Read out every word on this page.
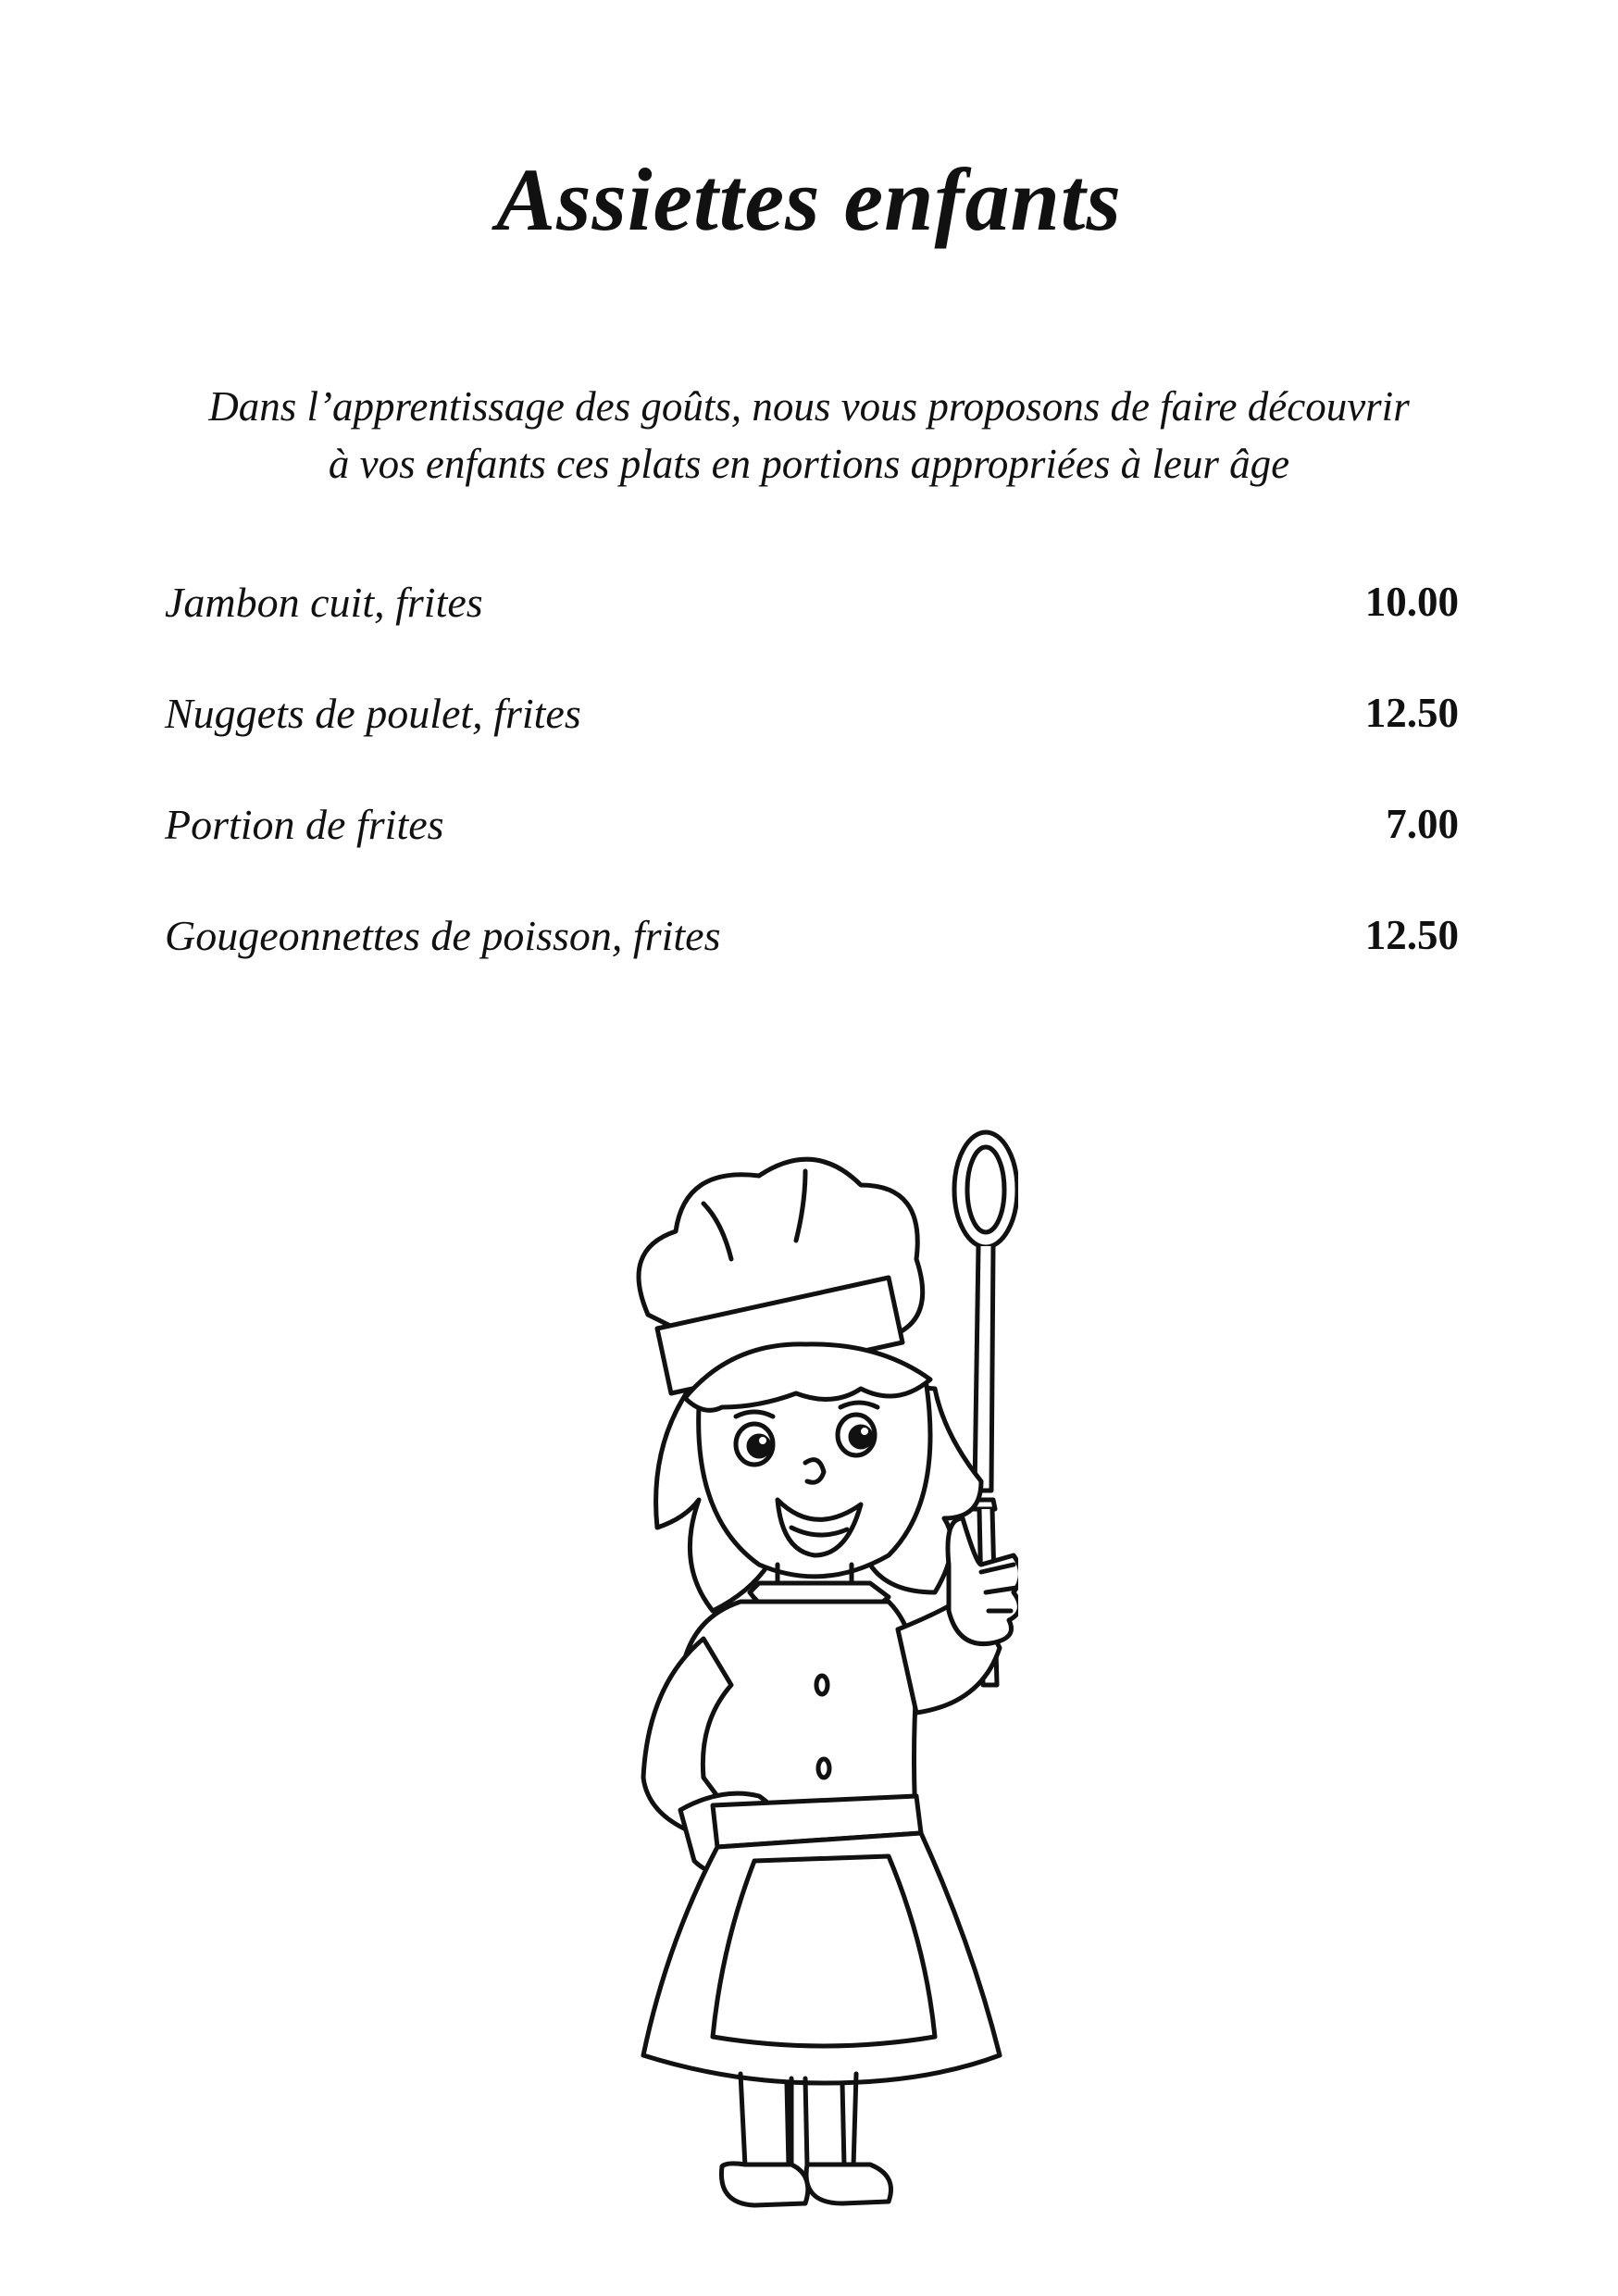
Assiettes enfants
Dans l’apprentissage des goûts, nous vous proposons de faire découvrir
à vos enfants ces plats en portions appropriées à leur âge
Jambon cuit, frites	10.00
Nuggets de poulet, frites	12.50
Portion de frites	7.00
Gougeonnettes de poisson, frites	12.50
